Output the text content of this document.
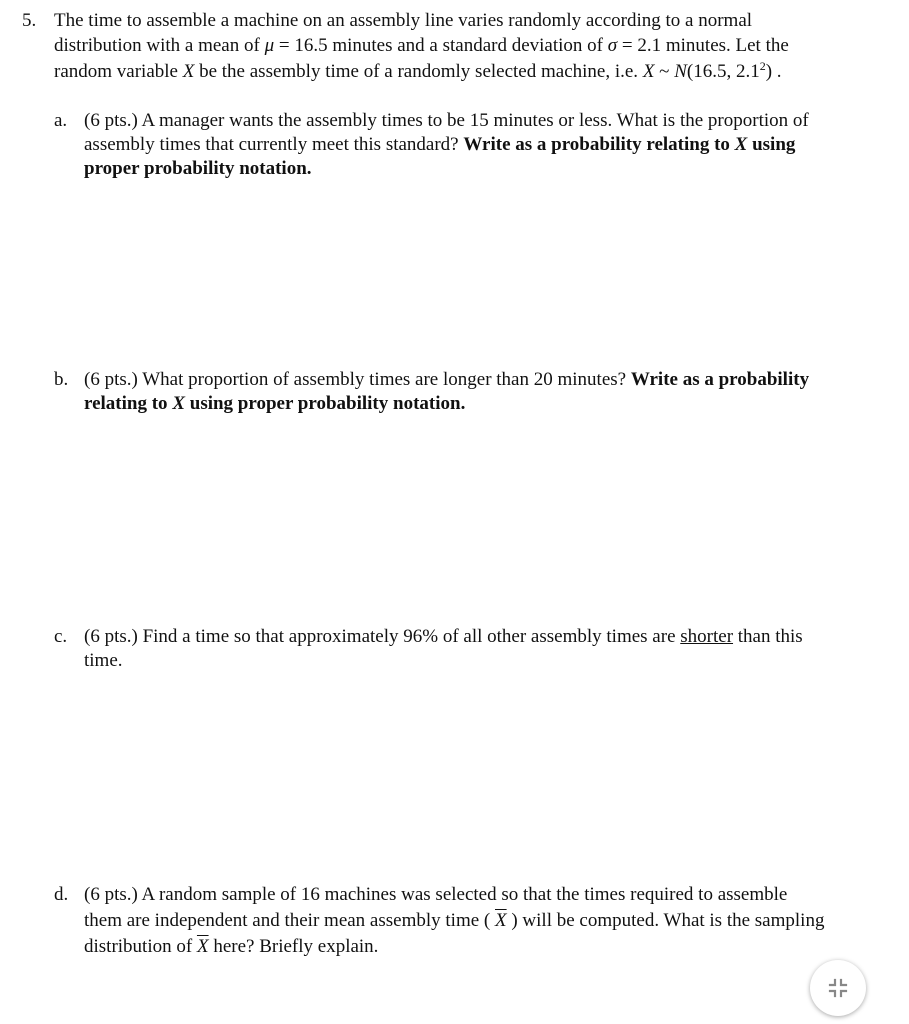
5. The time to assemble a machine on an assembly line varies randomly according to a normal
distribution with a mean of μ = 16.5 minutes and a standard deviation of σ = 2.1 minutes. Let the
random variable X be the assembly time of a randomly selected machine, i.e. X ~ N(16.5, $2.1^2$) .
a. (6 pts.) A manager wants the assembly times to be 15 minutes or less. What is the proportion of
assembly times that currently meet this standard? Write as a probability relating to X using
proper probability notation.
b. (6 pts.) What proportion of assembly times are longer than 20 minutes? Write as a probability
relating to X using proper probability notation.
c. (6 pts.) Find a time so that approximately 96% of all other assembly times are shorter than this
time.
d. (6 pts.) A random sample of 16 machines was selected so that the times required to assemble
them are independent and their mean assembly time ( $\overline{X}$ ) will be computed. What is the sampling
distribution of $\overline{X}$ here? Briefly explain.
